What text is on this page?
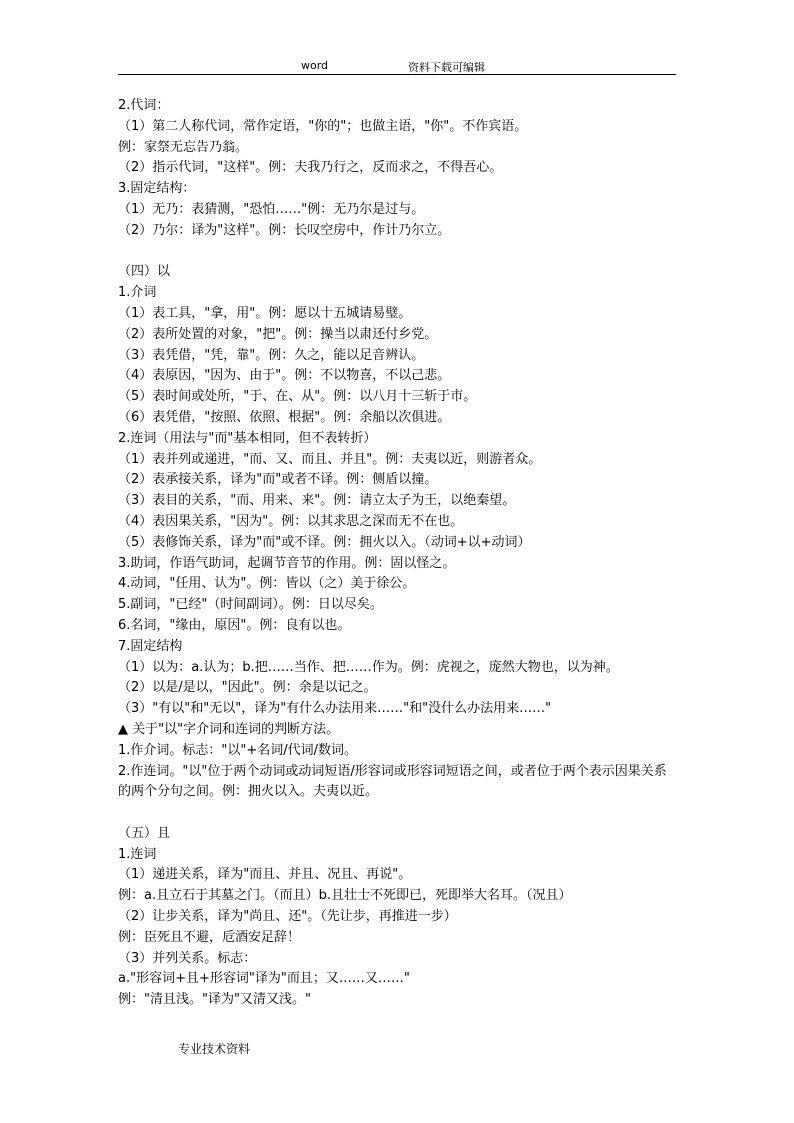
word	资料下载可编辑
2.代词：
（1）第二人称代词，常作定语，"你的"；也做主语，"你"。不作宾语。
例：家祭无忘告乃翁。
（2）指示代词，"这样"。例：夫我乃行之，反而求之，不得吾心。
3.固定结构：
（1）无乃：表猜测，"恐怕……"例：无乃尔是过与。
（2）乃尔：译为"这样"。例：长叹空房中，作计乃尔立。
（四）以
1.介词
（1）表工具，"拿，用"。例：愿以十五城请易璧。
（2）表所处置的对象，"把"。例：操当以肃还付乡党。
（3）表凭借，"凭，靠"。例：久之，能以足音辨认。
（4）表原因，"因为、由于"。例：不以物喜，不以己悲。
（5）表时间或处所，"于、在、从"。例：以八月十三斩于市。
（6）表凭借，"按照、依照、根据"。例：余船以次俱进。
2.连词（用法与"而"基本相同，但不表转折）
（1）表并列或递进，"而、又、而且、并且"。例：夫夷以近，则游者众。
（2）表承接关系，译为"而"或者不译。例：侧盾以撞。
（3）表目的关系，"而、用来、来"。例：请立太子为王，以绝秦望。
（4）表因果关系，"因为"。例：以其求思之深而无不在也。
（5）表修饰关系，译为"而"或不译。例：拥火以入。（动词+以+动词）
3.助词，作语气助词，起调节音节的作用。例：固以怪之。
4.动词，"任用、认为"。例：皆以（之）美于徐公。
5.副词，"已经"（时间副词）。例：日以尽矣。
6.名词，"缘由，原因"。例：良有以也。
7.固定结构
（1）以为：a.认为；b.把……当作、把……作为。例：虎视之，庞然大物也，以为神。
（2）以是/是以，"因此"。例：余是以记之。
（3）"有以"和"无以"，译为"有什么办法用来……"和"没什么办法用来……"
▲ 关于"以"字介词和连词的判断方法。
1.作介词。标志："以"+名词/代词/数词。
2.作连词。"以"位于两个动词或动词短语/形容词或形容词短语之间，或者位于两个表示因果关系的两个分句之间。例：拥火以入。夫夷以近。
（五）且
1.连词
（1）递进关系，译为"而且、并且、况且、再说"。
例：a.且立石于其墓之门。（而且）b.且壮士不死即已，死即举大名耳。（况且）
（2）让步关系，译为"尚且、还"。（先让步，再推进一步）
例：臣死且不避，卮酒安足辞！
（3）并列关系。标志：
a."形容词+且+形容词"译为"而且；又……又……"
例："清且浅。"译为"又清又浅。"
专业技术资料
